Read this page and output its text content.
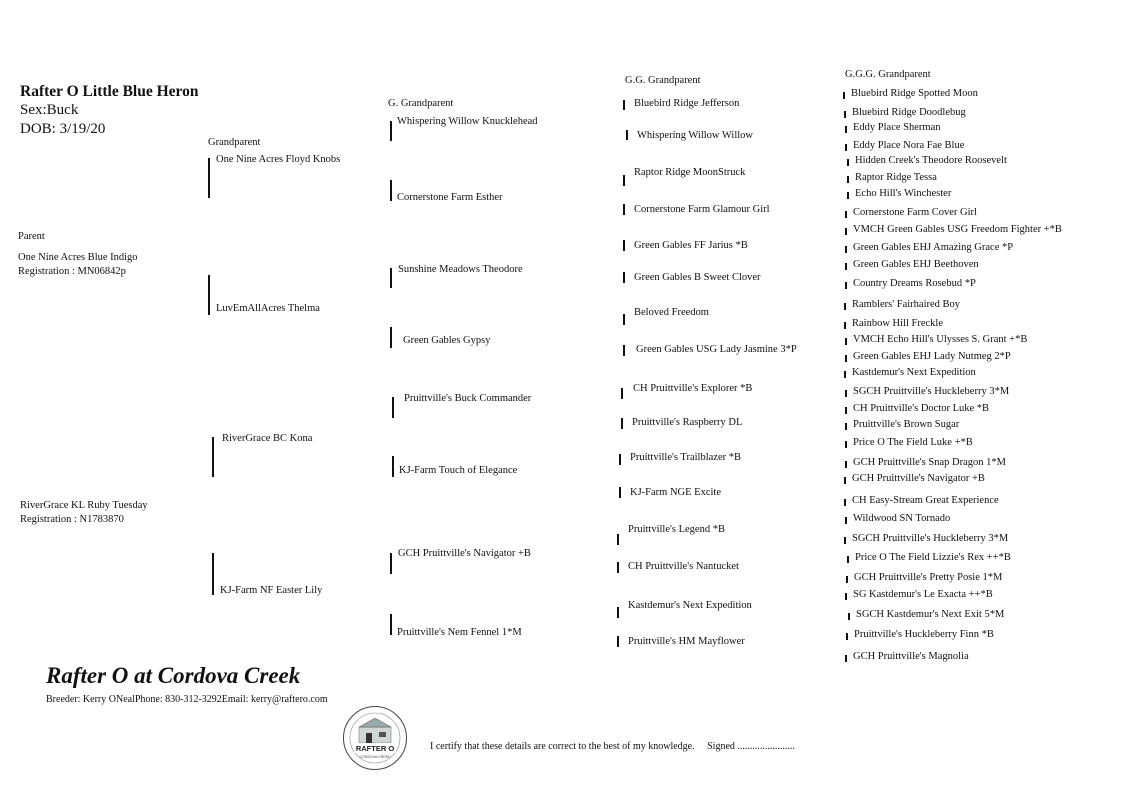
Rafter O Little Blue Heron
Sex:Buck
DOB: 3/19/20
Parent
Grandparent
G. Grandparent
G.G. Grandparent
G.G.G. Grandparent
One Nine Acres Blue Indigo
Registration : MN06842p
RiverGrace KL Ruby Tuesday
Registration : N1783870
One Nine Acres Floyd Knobs
LuvEmAllAcres Thelma
RiverGrace BC Kona
KJ-Farm NF Easter Lily
Whispering Willow Knucklehead
Cornerstone Farm Esther
Sunshine Meadows Theodore
Green Gables Gypsy
Pruittville's Buck Commander
KJ-Farm Touch of Elegance
GCH Pruittville's Navigator +B
Pruittville's Nem Fennel 1*M
Bluebird Ridge Jefferson
Whispering Willow Willow
Raptor Ridge MoonStruck
Cornerstone Farm Glamour Girl
Green Gables FF Jarius *B
Green Gables B Sweet Clover
Beloved Freedom
Green Gables USG Lady Jasmine 3*P
CH Pruittville's Explorer *B
Pruittville's Raspberry DL
Pruittville's Trailblazer *B
KJ-Farm NGE Excite
Pruittville's Legend *B
CH Pruittville's Nantucket
Kastdemur's Next Expedition
Pruittville's HM Mayflower
Bluebird Ridge Spotted Moon
Bluebird Ridge Doodlebug
Eddy Place Sherman
Eddy Place Nora Fae Blue
Hidden Creek's Theodore Roosevelt
Raptor Ridge Tessa
Echo Hill's Winchester
Cornerstone Farm Cover Girl
VMCH Green Gables USG Freedom Fighter +*B
Green Gables EHJ Amazing Grace *P
Green Gables EHJ Beethoven
Country Dreams Rosebud *P
Ramblers' Fairhaired Boy
Rainbow Hill Freckle
VMCH Echo Hill's Ulysses S. Grant +*B
Green Gables EHJ Lady Nutmeg 2*P
Kastdemur's Next Expedition
SGCH Pruittville's Huckleberry 3*M
CH Pruittville's Doctor Luke *B
Pruittville's Brown Sugar
Price O The Field Luke +*B
GCH Pruittville's Snap Dragon 1*M
GCH Pruittville's Navigator +B
CH Easy-Stream Great Experience
Wildwood SN Tornado
SGCH Pruittville's Huckleberry 3*M
Price O The Field Lizzie's Rex ++*B
GCH Pruittville's Pretty Posie 1*M
SG Kastdemur's Le Exacta ++*B
SGCH Kastdemur's Next Exit 5*M
Pruittville's Huckleberry Finn *B
GCH Pruittville's Magnolia
Rafter O at Cordova Creek
Breeder: Kerry ONealPhone: 830-312-3292Email: kerry@raftero.com
RAFTER O
CORDOVA CREEK
I certify that these details are correct to the best of my knowledge.     Signed .......................
